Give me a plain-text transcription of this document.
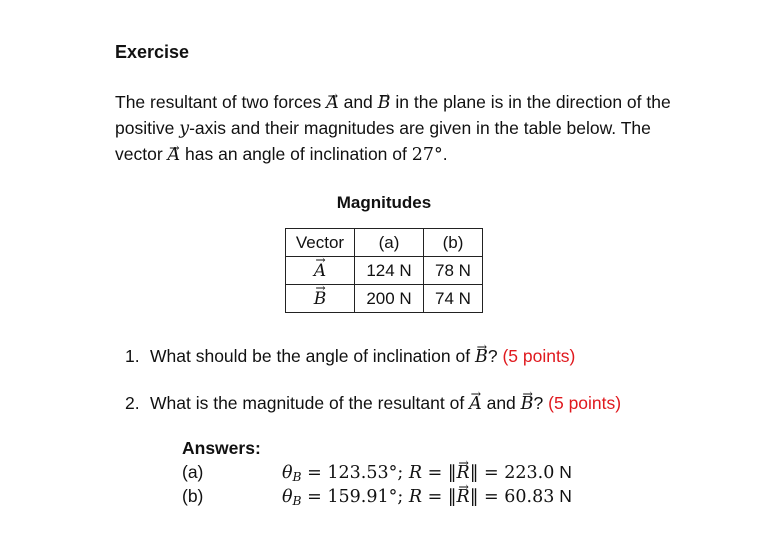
Exercise
The resultant of two forces → A and → B in the plane is in the direction of the positive y-axis and their magnitudes are given in the table below. The vector → A has an angle of inclination of 27°.
Magnitudes
Vector	(a)	(b)
→ A	124 N	78 N
→ B	200 N	74 N
1. What should be the angle of inclination of → B? (5 points)
2. What is the magnitude of the resultant of → A and → B? (5 points)
Answers:
(a)	$\theta_B = 123.53^\circ$; R = ‖→ R‖ = 223.0 N
(b)	$\theta_B = 159.91^\circ$; R = ‖→ R‖ = 60.83 N
